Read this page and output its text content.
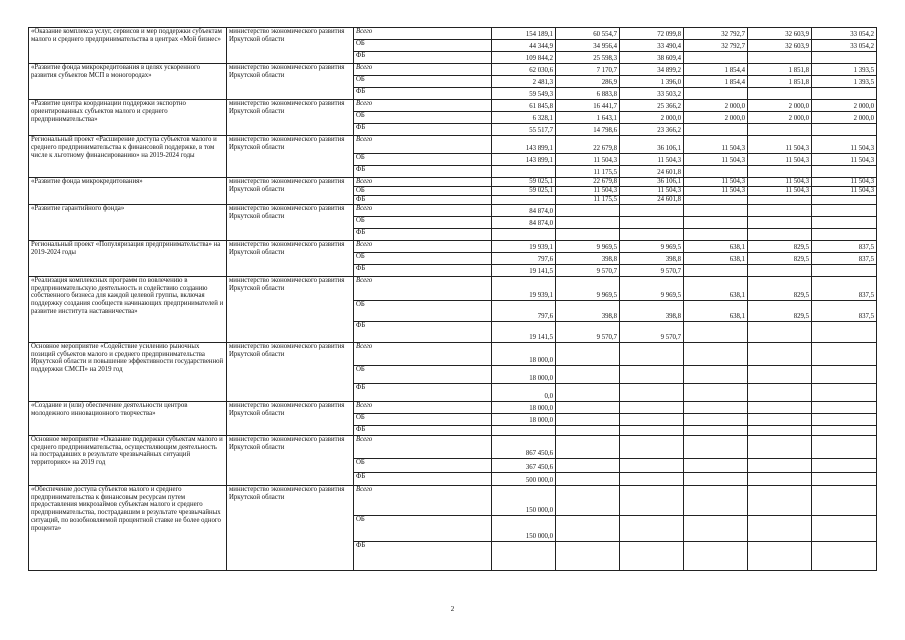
«Оказание комплекса услуг, сервисов и мер поддержки субъектам малого и среднего предпринимательства в центрах «Мой бизнес»	министерство экономического развития Иркутской области	Всего	154 189,1	60 554,7	72 099,8	32 792,7	32 603,9	33 054,2
		ОБ	44 344,9	34 956,4	33 490,4	32 792,7	32 603,9	33 054,2
		ФБ	109 844,2	25 598,3	38 609,4			
«Развитие фонда микрокредитования в целях ускоренного развития субъектов МСП в моногородах»	министерство экономического развития Иркутской области	Всего	62 030,6	7 170,7	34 899,2	1 854,4	1 851,8	1 393,5
		ОБ	2 481,3	286,9	1 396,0	1 854,4	1 851,8	1 393,5
		ФБ	59 549,3	6 883,8	33 503,2			
«Развитие центра координации поддержки экспортно ориентированных субъектов малого и среднего предпринимательства»	министерство экономического развития Иркутской области	Всего	61 845,8	16 441,7	25 366,2	2 000,0	2 000,0	2 000,0
		ОБ	6 328,1	1 643,1	2 000,0	2 000,0	2 000,0	2 000,0
		ФБ	55 517,7	14 798,6	23 366,2			
Региональный проект «Расширение доступа субъектов малого и среднего предпринимательства к финансовой поддержке, в том числе к льготному финансированию» на 2019-2024 годы	министерство экономического развития Иркутской области	Всего	143 899,1	22 679,8	36 106,1	11 504,3	11 504,3	11 504,3
		ОБ	143 899,1	11 504,3	11 504,3	11 504,3	11 504,3	11 504,3
		ФБ		11 175,5	24 601,8			
«Развитие фонда микрокредитования»	министерство экономического развития Иркутской области	Всего	59 025,1	22 679,8	36 106,1	11 504,3	11 504,3	11 504,3
		ОБ	59 025,1	11 504,3	11 504,3	11 504,3	11 504,3	11 504,3
		ФБ		11 175,5	24 601,8			
«Развитие гарантийного фонда»	министерство экономического развития Иркутской области	Всего	84 874,0					
		ОБ	84 874,0					
		ФБ						
Региональный проект «Популяризация предпринимательства» на 2019-2024 годы	министерство экономического развития Иркутской области	Всего	19 939,1	9 969,5	9 969,5	638,1	829,5	837,5
		ОБ	797,6	398,8	398,8	638,1	829,5	837,5
		ФБ	19 141,5	9 570,7	9 570,7			
«Реализация комплексных программ по вовлечению в предпринимательскую деятельность и содействию созданию собственного бизнеса для каждой целевой группы, включая поддержку создания сообществ начинающих предпринимателей и развитие института наставничества»	министерство экономического развития Иркутской области	Всего	19 939,1	9 969,5	9 969,5	638,1	829,5	837,5
		ОБ	797,6	398,8	398,8	638,1	829,5	837,5
		ФБ	19 141,5	9 570,7	9 570,7			
Основное мероприятие «Содействие усилению рыночных позиций субъектов малого и среднего предпринимательства Иркутской области и повышение эффективности государственной поддержки СМСП» на 2019 год	министерство экономического развития Иркутской области	Всего	18 000,0					
		ОБ	18 000,0					
		ФБ	0,0					
«Создание и (или) обеспечение деятельности центров молодежного инновационного творчества»	министерство экономического развития Иркутской области	Всего	18 000,0					
		ОБ	18 000,0					
		ФБ						
Основное мероприятие «Оказание поддержки субъектам малого и среднего предпринимательства, осуществляющим деятельность на пострадавших в результате чрезвычайных ситуаций территориях» на 2019 год	министерство экономического развития Иркутской области	Всего	867 450,6					
		ОБ	367 450,6					
		ФБ	500 000,0					
«Обеспечение доступа субъектов малого и среднего предпринимательства к финансовым ресурсам путем предоставления микрозаймов субъектам малого и среднего предпринимательства, пострадавшим в результате чрезвычайных ситуаций, по возобновляемой процентной ставке не более одного процента»	министерство экономического развития Иркутской области	Всего	150 000,0					
		ОБ	150 000,0					
		ФБ						
2
